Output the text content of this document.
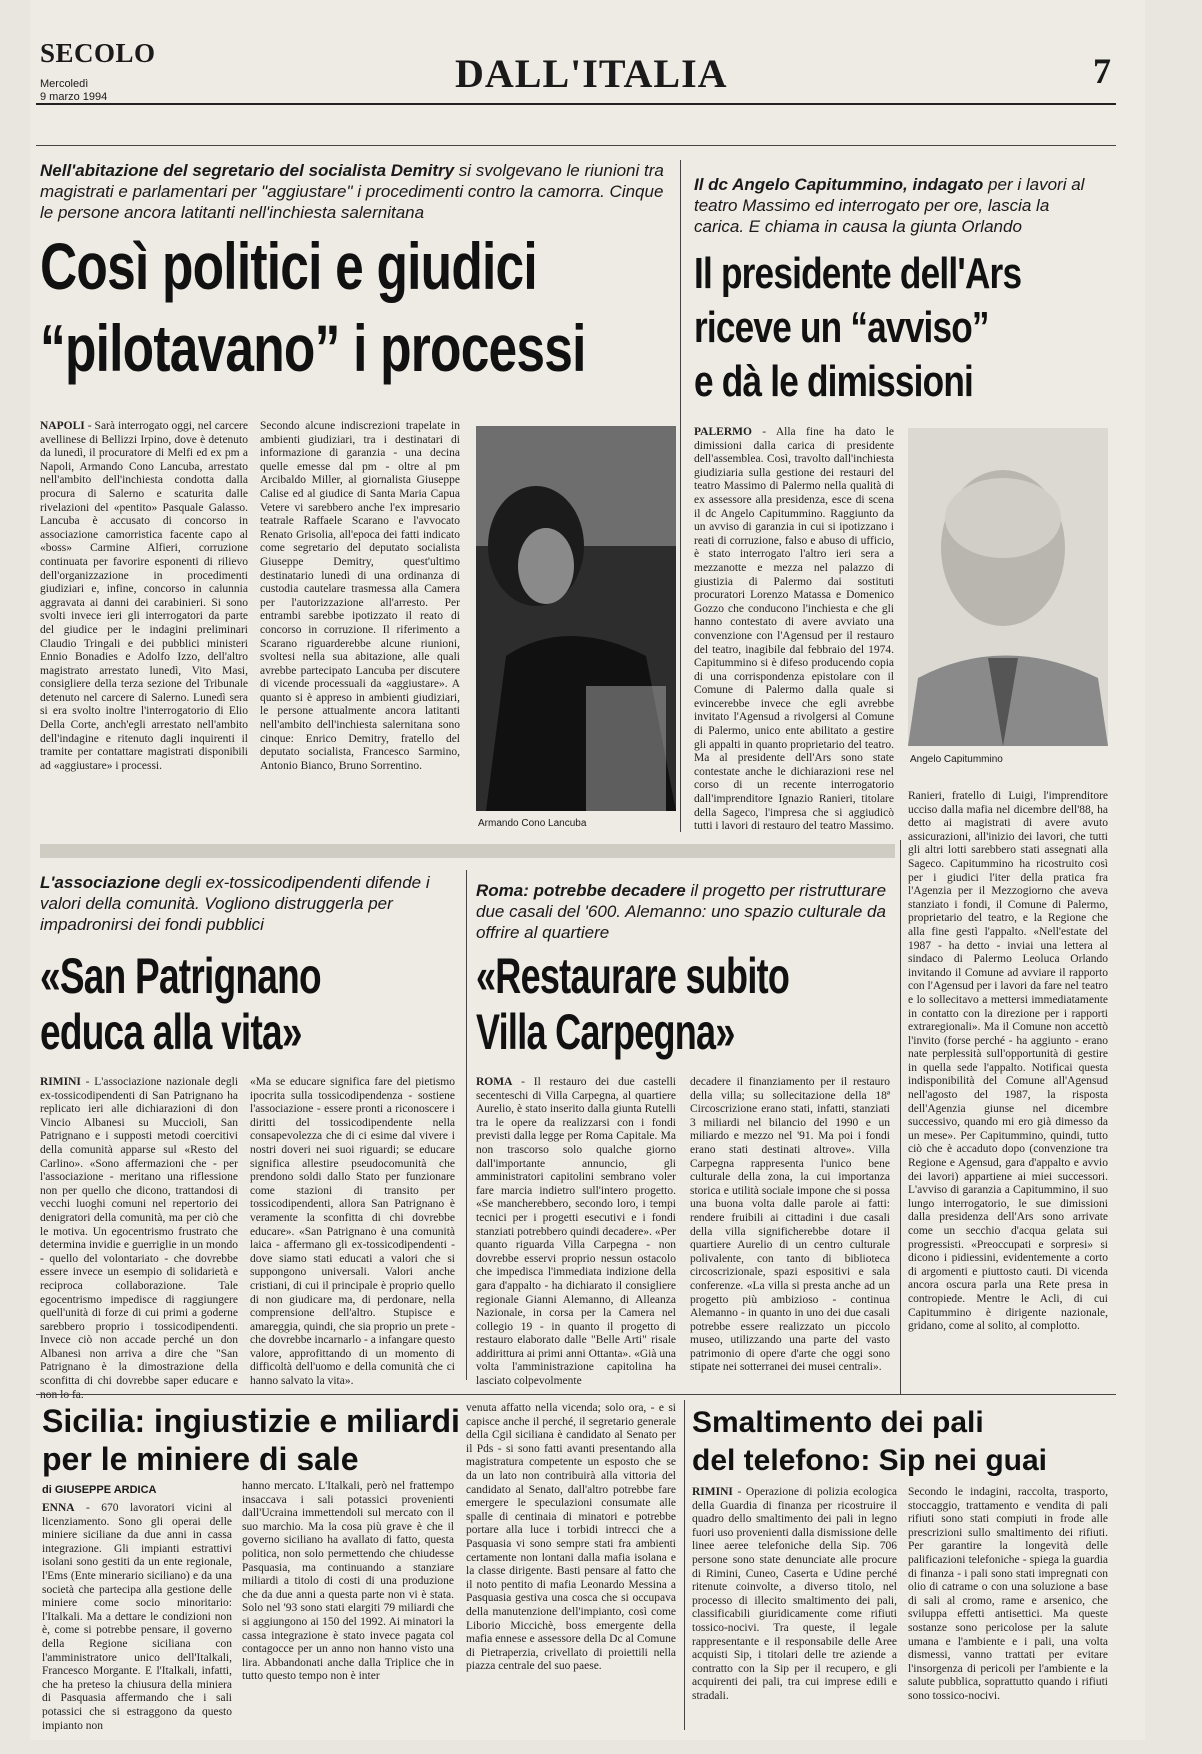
SECOLO
Mercoledì
9 marzo 1994
DALL'ITALIA	7
Nell'abitazione del segretario del socialista Demitry si svolgevano le riunioni tra magistrati e parlamentari per "aggiustare" i procedimenti contro la camorra. Cinque le persone ancora latitanti nell'inchiesta salernitana
Così politici e giudici
“pilotavano” i processi

NAPOLI - Sarà interrogato oggi, nel carcere avellinese di Bellizzi Irpino, dove è detenuto da lunedì, il procuratore di Melfi ed ex pm a Napoli, Armando Cono Lancuba, arrestato nell'ambito dell'inchiesta condotta dalla procura di Salerno e scaturita dalle rivelazioni del «pentito» Pasquale Galasso. Lancuba è accusato di concorso in associazione camorristica facente capo al «boss» Carmine Alfieri, corruzione continuata per favorire esponenti di rilievo dell'organizzazione in procedimenti giudiziari e, infine, concorso in calunnia aggravata ai danni dei carabinieri. Si sono svolti invece ieri gli interrogatori da parte del giudice per le indagini preliminari Claudio Tringali e dei pubblici ministeri Ennio Bonadies e Adolfo Izzo, dell'altro magistrato arrestato lunedì, Vito Masi, consigliere della terza sezione del Tribunale detenuto nel carcere di Salerno. Lunedì sera si era svolto inoltre l'interrogatorio di Elio Della Corte, anch'egli arrestato nell'ambito dell'indagine e ritenuto dagli inquirenti il tramite per contattare magistrati disponibili ad «aggiustare» i processi.

Secondo alcune indiscrezioni trapelate in ambienti giudiziari, tra i destinatari di informazione di garanzia - una decina quelle emesse dal pm - oltre al pm Arcibaldo Miller, al giornalista Giuseppe Calise ed al giudice di Santa Maria Capua Vetere vi sarebbero anche l'ex impresario teatrale Raffaele Scarano e l'avvocato Renato Grisolia, all'epoca dei fatti indicato come segretario del deputato socialista Giuseppe Demitry, quest'ultimo destinatario lunedì di una ordinanza di custodia cautelare trasmessa alla Camera per l'autorizzazione all'arresto. Per entrambi sarebbe ipotizzato il reato di concorso in corruzione. Il riferimento a Scarano riguarderebbe alcune riunioni, svoltesi nella sua abitazione, alle quali avrebbe partecipato Lancuba per discutere di vicende processuali da «aggiustare». A quanto si è appreso in ambienti giudiziari, le persone attualmente ancora latitanti nell'ambito dell'inchiesta salernitana sono cinque: Enrico Demitry, fratello del deputato socialista, Francesco Sarmino, Antonio Bianco, Bruno Sorrentino.

Armando Cono Lancuba
Il dc Angelo Capitummino, indagato per i lavori al teatro Massimo ed interrogato per ore, lascia la carica. E chiama in causa la giunta Orlando
Il presidente dell'Ars
riceve un “avviso”
e dà le dimissioni

PALERMO - Alla fine ha dato le dimissioni dalla carica di presidente dell'assemblea. Così, travolto dall'inchiesta giudiziaria sulla gestione dei restauri del teatro Massimo di Palermo nella qualità di ex assessore alla presidenza, esce di scena il dc Angelo Capitummino. Raggiunto da un avviso di garanzia in cui si ipotizzano i reati di corruzione, falso e abuso di ufficio, è stato interrogato l'altro ieri sera a mezzanotte e mezza nel palazzo di giustizia di Palermo dai sostituti procuratori Lorenzo Matassa e Domenico Gozzo che conducono l'inchiesta e che gli hanno contestato di avere avviato una convenzione con l'Agensud per il restauro del teatro, inagibile dal febbraio del 1974. Capitummino si è difeso producendo copia di una corrispondenza epistolare con il Comune di Palermo dalla quale si evincerebbe invece che egli avrebbe invitato l'Agensud a rivolgersi al Comune di Palermo, unico ente abilitato a gestire gli appalti in quanto proprietario del teatro. Ma al presidente dell'Ars sono state contestate anche le dichiarazioni rese nel corso di un recente interrogatorio dall'imprenditore Ignazio Ranieri, titolare della Sageco, l'impresa che si aggiudicò tutti i lavori di restauro del teatro Massimo.

Angelo Capitummino

Ranieri, fratello di Luigi, l'imprenditore ucciso dalla mafia nel dicembre dell'88, ha detto ai magistrati di avere avuto assicurazioni, all'inizio dei lavori, che tutti gli altri lotti sarebbero stati assegnati alla Sageco. Capitummino ha ricostruito così per i giudici l'iter della pratica fra l'Agenzia per il Mezzogiorno che aveva stanziato i fondi, il Comune di Palermo, proprietario del teatro, e la Regione che alla fine gestì l'appalto. «Nell'estate del 1987 - ha detto - inviai una lettera al sindaco di Palermo Leoluca Orlando invitando il Comune ad avviare il rapporto con l'Agensud per i lavori da fare nel teatro e lo sollecitavo a mettersi immediatamente in contatto con la direzione per i rapporti extraregionali». Ma il Comune non accettò l'invito (forse perché - ha aggiunto - erano nate perplessità sull'opportunità di gestire in quella sede l'appalto. Notificai questa indisponibilità del Comune all'Agensud nell'agosto del 1987, la risposta dell'Agenzia giunse nel dicembre successivo, quando mi ero già dimesso da un mese». Per Capitummino, quindi, tutto ciò che è accaduto dopo (convenzione tra Regione e Agensud, gara d'appalto e avvio dei lavori) appartiene ai miei successori. L'avviso di garanzia a Capitummino, il suo lungo interrogatorio, le sue dimissioni dalla presidenza dell'Ars sono arrivate come un secchio d'acqua gelata sui progressisti. «Preoccupati e sorpresi» si dicono i pidiessini, evidentemente a corto di argomenti e piuttosto cauti. Di vicenda ancora oscura parla una Rete presa in contropiede. Mentre le Acli, di cui Capitummino è dirigente nazionale, gridano, come al solito, al complotto.

L'associazione degli ex-tossicodipendenti difende i valori della comunità. Vogliono distruggerla per impadronirsi dei fondi pubblici
«San Patrignano
educa alla vita»

RIMINI - L'associazione nazionale degli ex-tossicodipendenti di San Patrignano ha replicato ieri alle dichiarazioni di don Vincio Albanesi su Muccioli, San Patrignano e i supposti metodi coercitivi della comunità apparse sul «Resto del Carlino». «Sono affermazioni che - per l'associazione - meritano una riflessione non per quello che dicono, trattandosi di vecchi luoghi comuni nel repertorio dei denigratori della comunità, ma per ciò che le motiva. Un egocentrismo frustrato che determina invidie e guerriglie in un mondo - quello del volontariato - che dovrebbe essere invece un esempio di solidarietà e reciproca collaborazione. Tale egocentrismo impedisce di raggiungere quell'unità di forze di cui primi a goderne sarebbero proprio i tossicodipendenti. Invece ciò non accade perché un don Albanesi non arriva a dire che "San Patrignano è la dimostrazione della sconfitta di chi dovrebbe saper educare e

«Ma se educare significa fare del pietismo ipocrita sulla tossicodipendenza - sostiene l'associazione - essere pronti a riconoscere i diritti del tossicodipendente nella consapevolezza che di ci esime dal vivere i nostri doveri nei suoi riguardi; se educare significa allestire pseudocomunità che prendono soldi dallo Stato per funzionare come stazioni di transito per tossicodipendenti, allora San Patrignano è veramente la sconfitta di chi dovrebbe educare». «San Patrignano è una comunità laica - affermano gli ex-tossicodipendenti - dove siamo stati educati a valori che si suppongono universali. Valori anche cristiani, di cui il principale è proprio quello di non giudicare ma, di perdonare, nella comprensione dell'altro. Stupisce e amareggia, quindi, che sia proprio un prete - che dovrebbe incarnarlo - a infangare questo valore, approfittando di un momento di difficoltà dell'uomo e della comunità che ci hanno salvato la vita».

Roma: potrebbe decadere il progetto per ristrutturare due casali del '600. Alemanno: uno spazio culturale da offrire al quartiere
«Restaurare subito
Villa Carpegna»

ROMA - Il restauro dei due castelli secenteschi di Villa Carpegna, al quartiere Aurelio, è stato inserito dalla giunta Rutelli tra le opere da realizzarsi con i fondi previsti dalla legge per Roma Capitale. Ma non trascorso solo qualche giorno dall'importante annuncio, gli amministratori capitolini sembrano voler fare marcia indietro sull'intero progetto. «Se mancherebbero, secondo loro, i tempi tecnici per i progetti esecutivi e i fondi stanziati potrebbero quindi decadere». «Per quanto riguarda Villa Carpegna - non dovrebbe esservi proprio nessun ostacolo che impedisca l'immediata indizione della gara d'appalto - ha dichiarato il consigliere regionale Gianni Alemanno, di Alleanza Nazionale, in corsa per la Camera nel collegio 19 - in quanto il progetto di restauro elaborato dalle "Belle Arti" risale addirittura ai primi anni Ottanta». «Già una volta l'amministrazione capitolina ha lasciato colpevolmente

decadere il finanziamento per il restauro della villa; su sollecitazione della 18ª Circoscrizione erano stati, infatti, stanziati 3 miliardi nel bilancio del 1990 e un miliardo e mezzo nel '91. Ma poi i fondi erano stati destinati altrove». Villa Carpegna rappresenta l'unico bene culturale della zona, la cui importanza storica e utilità sociale impone che si possa una buona volta dalle parole ai fatti: rendere fruibili ai cittadini i due casali della villa significherebbe dotare il quartiere Aurelio di un centro culturale polivalente, con tanto di biblioteca circoscrizionale, spazi espositivi e sala conferenze. «La villa si presta anche ad un progetto più ambizioso - continua Alemanno - in quanto in uno dei due casali potrebbe essere realizzato un piccolo museo, utilizzando una parte del vasto patrimonio di opere d'arte che oggi sono stipate nei sotterranei dei musei centrali».

Sicilia: ingiustizie e miliardi
per le miniere di sale
di GIUSEPPE ARDICA

ENNA - 670 lavoratori vicini al licenziamento. Sono gli operai delle miniere siciliane da due anni in cassa integrazione. Gli impianti estrattivi isolani sono gestiti da un ente regionale, l'Ems (Ente minerario siciliano) e da una società che partecipa alla gestione delle miniere come socio minoritario: l'Italkali. Ma a dettare le condizioni non è, come si potrebbe pensare, il governo della Regione siciliana con l'amministratore unico dell'Italkali, Francesco Morgante. E l'Italkali, infatti, che ha preteso la chiusura della miniera di Pasquasia affermando che i sali potassici che si estraggono da questo impianto non

hanno mercato. L'Italkali, però nel frattempo insaccava i sali potassici provenienti dall'Ucraina immettendoli sul mercato con il suo marchio. Ma la cosa più grave è che il governo siciliano ha avallato di fatto, questa politica, non solo permettendo che chiudesse Pasquasia, ma continuando a stanziare miliardi a titolo di costi di una produzione che da due anni a questa parte non vi è stata. Solo nel '93 sono stati elargiti 79 miliardi che si aggiungono ai 150 del 1992. Ai minatori la cassa integrazione è stato invece pagata col contagocce per un anno non hanno visto una lira. Abbandonati anche dalla Triplice che in tutto questo tempo non è inter

venuta affatto nella vicenda; solo ora, - e si capisce anche il perché, il segretario generale della Cgil siciliana è candidato al Senato per il Pds - si sono fatti avanti presentando alla magistratura competente un esposto che se da un lato non contribuirà alla vittoria del candidato al Senato, dall'altro potrebbe fare emergere le speculazioni consumate alle spalle di centinaia di minatori e potrebbe portare alla luce i torbidi intrecci che a Pasquasia vi sono sempre stati fra ambienti certamente non lontani dalla mafia isolana e la classe dirigente. Basti pensare al fatto che il noto pentito di mafia Leonardo Messina a Pasquasia gestiva una cosca che si occupava della manutenzione dell'impianto, così come Liborio Miccichè, boss emergente della mafia ennese e assessore della Dc al Comune di Pietraperzia, crivellato di proiettili nella piazza centrale del suo paese.

Smaltimento dei pali
del telefono: Sip nei guai

RIMINI - Operazione di polizia ecologica della Guardia di finanza per ricostruire il quadro dello smaltimento dei pali in legno fuori uso provenienti dalla dismissione delle linee aeree telefoniche della Sip. 706 persone sono state denunciate alle procure di Rimini, Cuneo, Caserta e Udine perché ritenute coinvolte, a diverso titolo, nel processo di illecito smaltimento dei pali, classificabili giuridicamente come rifiuti tossico-nocivi. Tra queste, il legale rappresentante e il responsabile delle Aree acquisti Sip, i titolari delle tre aziende a contratto con la Sip per il recupero, e gli acquirenti dei pali, tra cui imprese edili e stradali.

Secondo le indagini, raccolta, trasporto, stoccaggio, trattamento e vendita di pali rifiuti sono stati compiuti in frode alle prescrizioni sullo smaltimento dei rifiuti. Per garantire la longevità delle palificazioni telefoniche - spiega la guardia di finanza - i pali sono stati impregnati con olio di catrame o con una soluzione a base di sali al cromo, rame e arsenico, che sviluppa effetti antisettici. Ma queste sostanze sono pericolose per la salute umana e l'ambiente e i pali, una volta dismessi, vanno trattati per evitare l'insorgenza di pericoli per l'ambiente e la salute pubblica, soprattutto quando i rifiuti sono tossico-nocivi.
